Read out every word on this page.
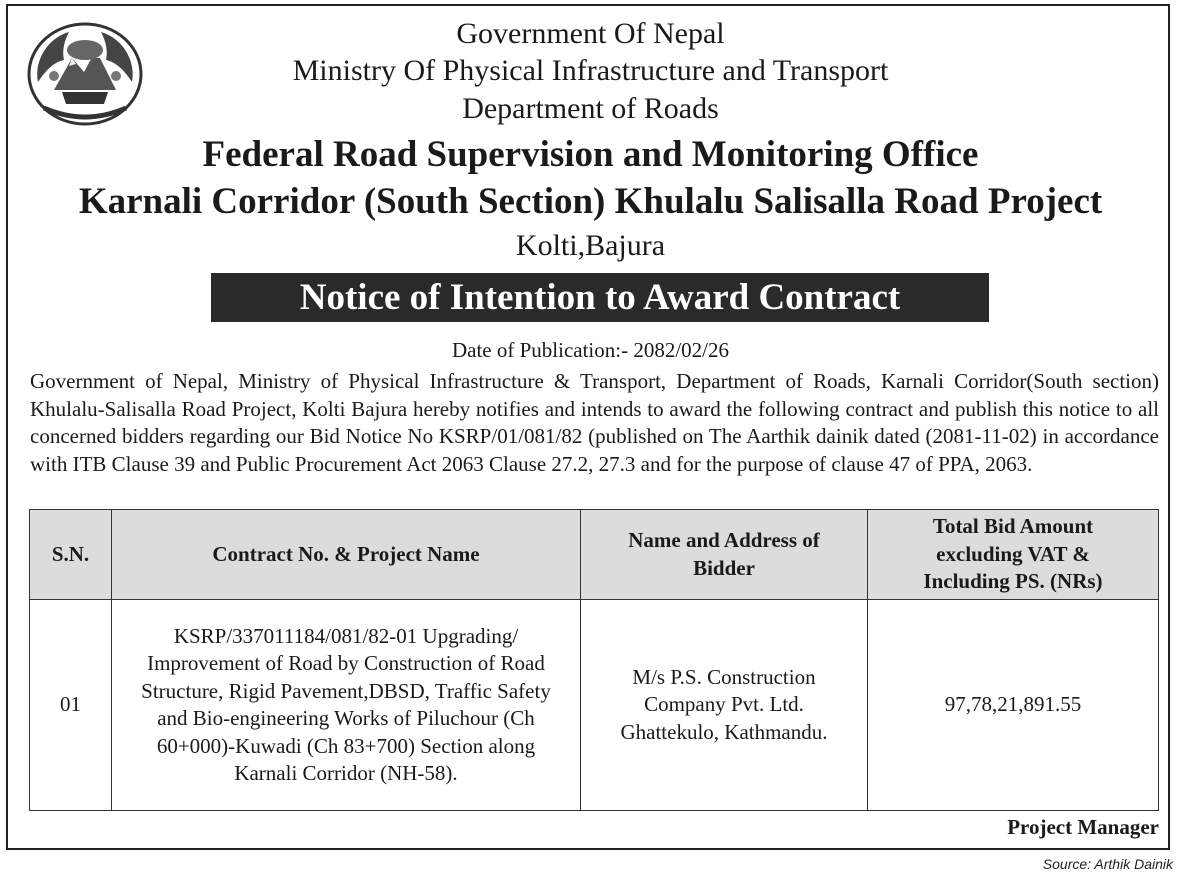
Government Of Nepal
Ministry Of Physical Infrastructure and Transport
Department of Roads
Federal Road Supervision and Monitoring Office
Karnali Corridor (South Section) Khulalu Salisalla Road Project
Kolti,Bajura
Notice of Intention to Award Contract
Date of Publication:- 2082/02/26

Government of Nepal, Ministry of Physical Infrastructure & Transport, Department of Roads, Karnali Corridor(South section) Khulalu-Salisalla Road Project, Kolti Bajura hereby notifies and intends to award the following contract and publish this notice to all concerned bidders regarding our Bid Notice No KSRP/01/081/82 (published on The Aarthik dainik dated (2081-11-02) in accordance with ITB Clause 39 and Public Procurement Act 2063 Clause 27.2, 27.3 and for the purpose of clause 47 of PPA, 2063.

S.N.	Contract No. & Project Name	Name and Address of Bidder	Total Bid Amount excluding VAT & Including PS. (NRs)
01	KSRP/337011184/081/82-01 Upgrading/ Improvement of Road by Construction of Road Structure, Rigid Pavement,DBSD, Traffic Safety and Bio-engineering Works of Piluchour (Ch 60+000)-Kuwadi (Ch 83+700) Section along Karnali Corridor (NH-58).	M/s P.S. Construction Company Pvt. Ltd. Ghattekulo, Kathmandu.	97,78,21,891.55
Project Manager
Source: Arthik Dainik
